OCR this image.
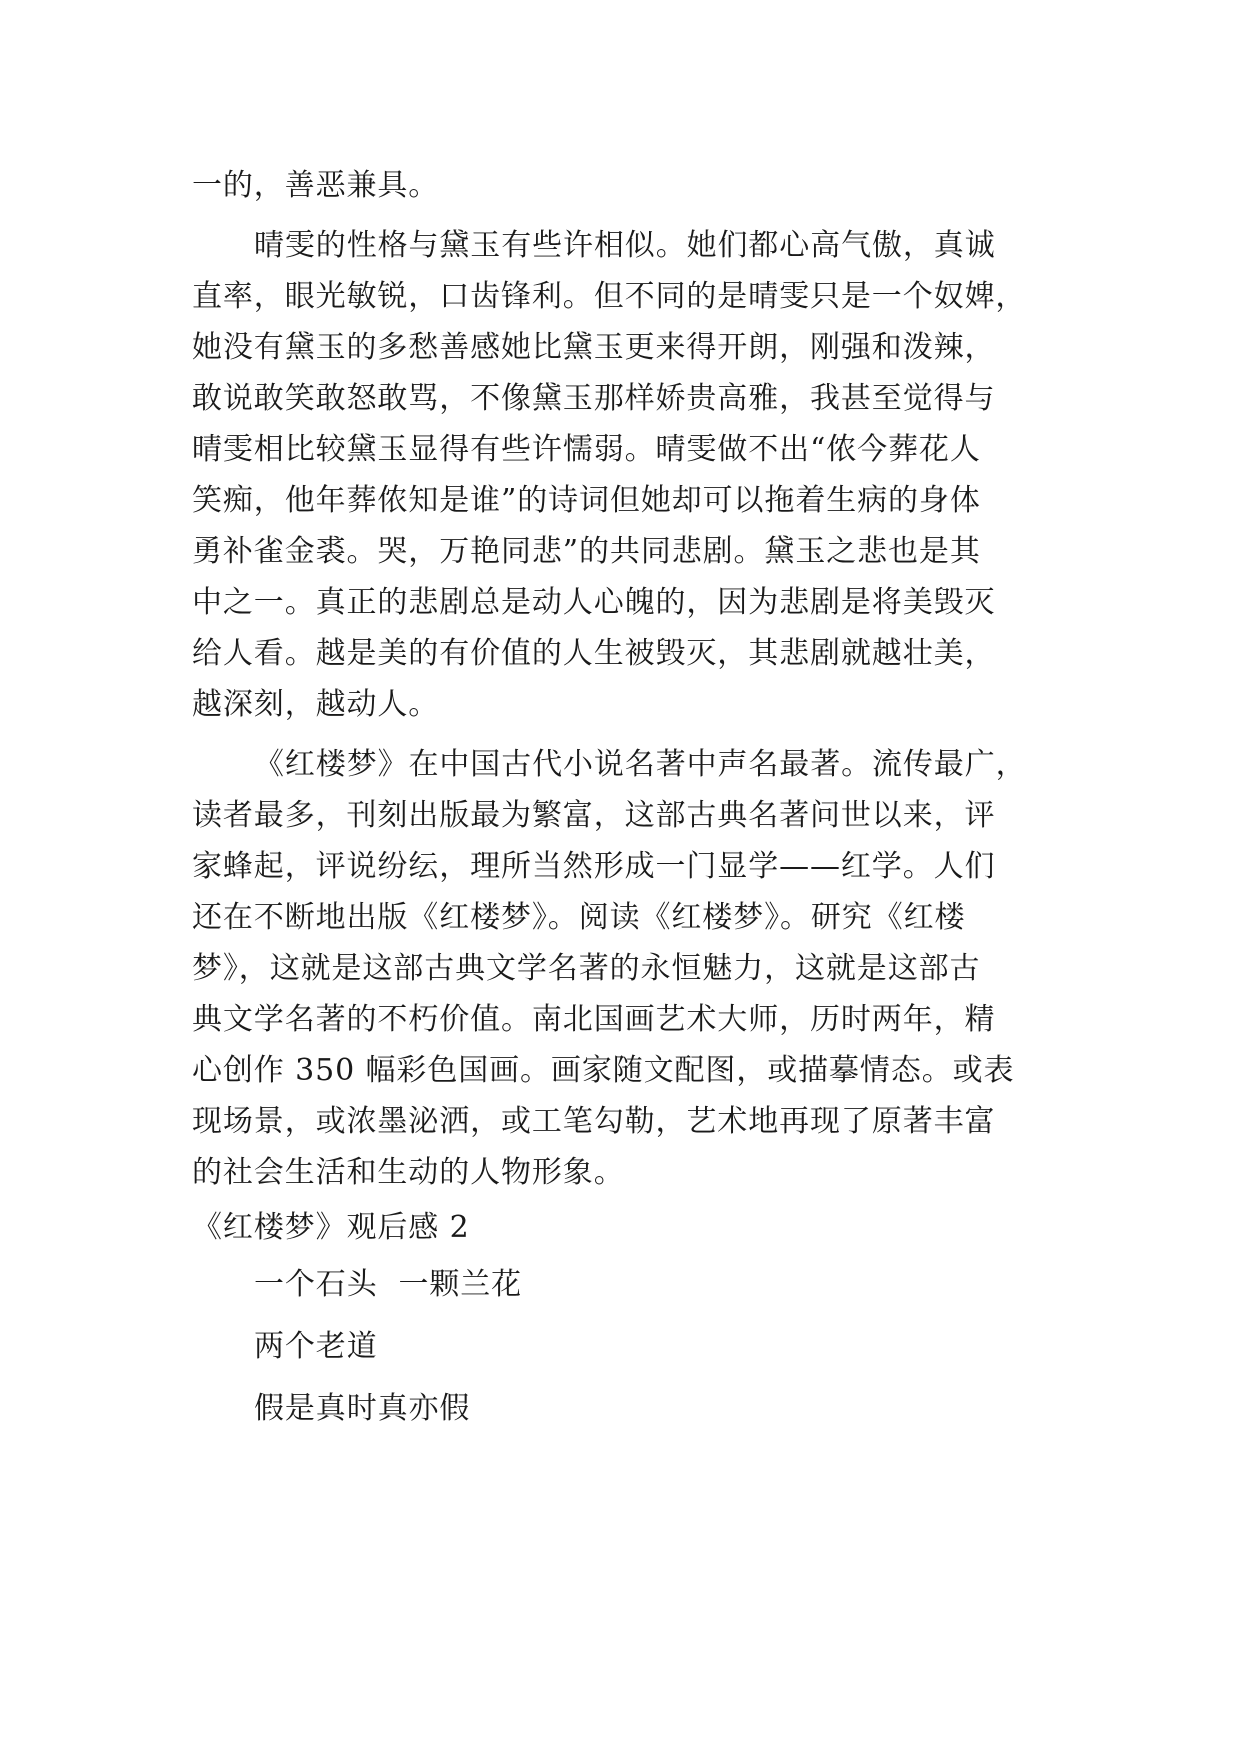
一的，善恶兼具。
晴雯的性格与黛玉有些许相似。她们都心高气傲，真诚
直率，眼光敏锐，口齿锋利。但不同的是晴雯只是一个奴婢，
她没有黛玉的多愁善感她比黛玉更来得开朗，刚强和泼辣，
敢说敢笑敢怒敢骂，不像黛玉那样娇贵高雅，我甚至觉得与
晴雯相比较黛玉显得有些许懦弱。晴雯做不出“侬今葬花人
笑痴，他年葬侬知是谁”的诗词但她却可以拖着生病的身体
勇补雀金裘。哭，万艳同悲”的共同悲剧。黛玉之悲也是其
中之一。真正的悲剧总是动人心魄的，因为悲剧是将美毁灭
给人看。越是美的有价值的人生被毁灭，其悲剧就越壮美，
越深刻，越动人。
《红楼梦》在中国古代小说名著中声名最著。流传最广，
读者最多，刊刻出版最为繁富，这部古典名著问世以来，评
家蜂起，评说纷纭，理所当然形成一门显学——红学。人们
还在不断地出版《红楼梦》。阅读《红楼梦》。研究《红楼
梦》，这就是这部古典文学名著的永恒魅力，这就是这部古
典文学名著的不朽价值。南北国画艺术大师，历时两年，精
心创作 350 幅彩色国画。画家随文配图，或描摹情态。或表
现场景，或浓墨泌洒，或工笔勾勒，艺术地再现了原著丰富
的社会生活和生动的人物形象。
《红楼梦》观后感 2
一个石头  一颗兰花
两个老道
假是真时真亦假
